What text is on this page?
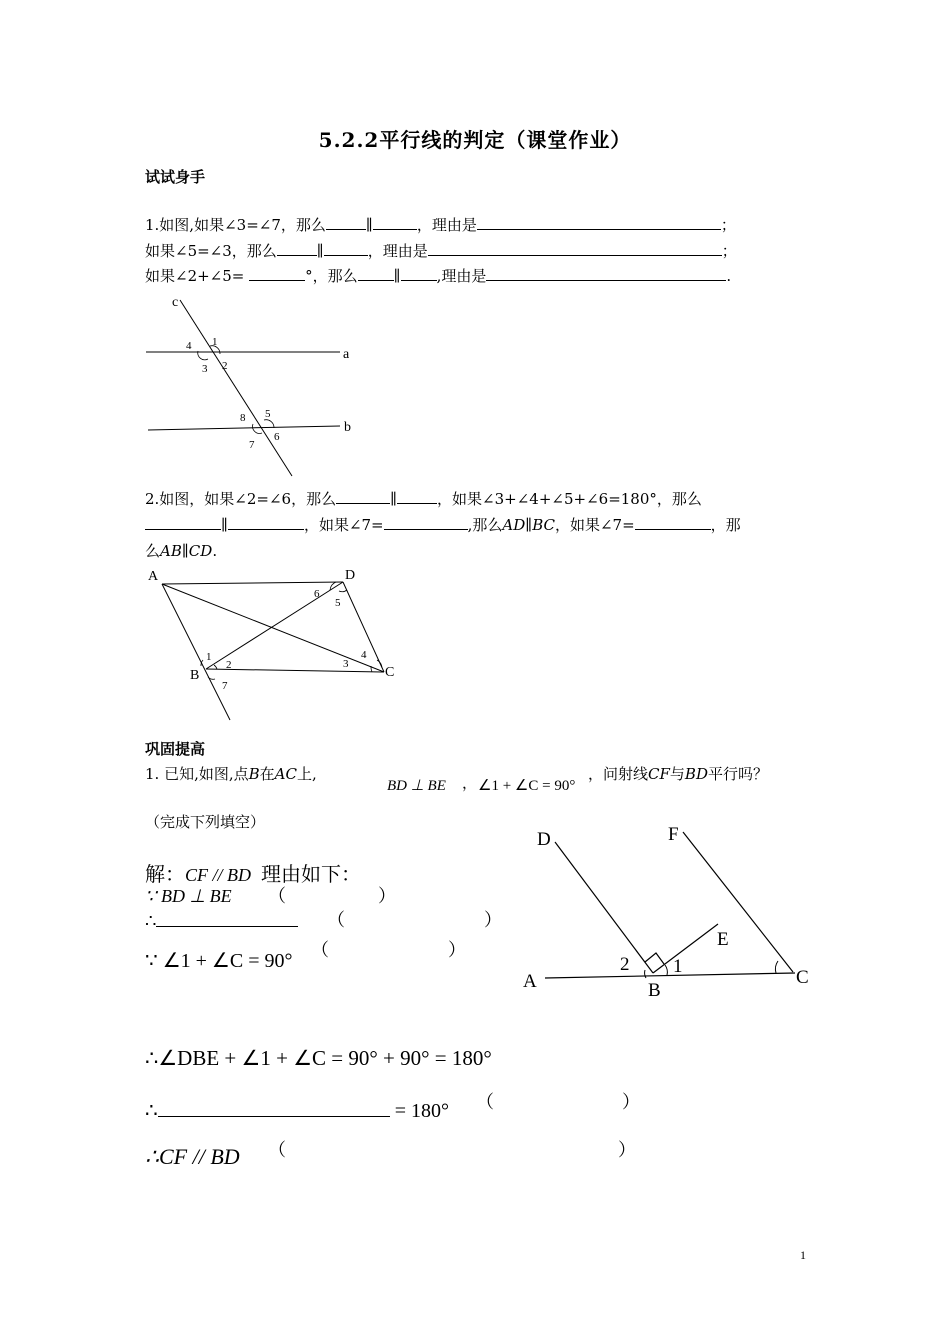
5.2.2平行线的判定（课堂作业）
试试身手
1.如图,如果∠3=∠7，那么	∥	，理由是	；
如果∠5=∠3，那么	∥	，理由是	；
如果∠2+∠5=	°，那么 ∥ ,理由是	.
c
a
b
1
2
3
4
5
6
7
8
2.如图，如果∠2=∠6，那么	∥	，如果∠3+∠4+∠5+∠6=180°，那么
∥	，如果∠7=	,那么AD∥BC，如果∠7=	，那
么AB∥CD.
A	D
B	C
1
2	3
4
5
6
7
巩固提高
1. 已知,如图,点B在AC上,
BD ⊥ BE ， ∠1 + ∠C = 90°
，问射线CF与BD平行吗？
（完成下列填空）
解：CF // BD 理由如下：
∵ BD ⊥ BE （	）
∴	（	）
∵ ∠1 + ∠C = 90° （	）
∴∠DBE + ∠1 + ∠C = 90° + 90° = 180°
∴	= 180° （	）
∴CF // BD （	）
D	F
E
A	B
C
2 1
1
